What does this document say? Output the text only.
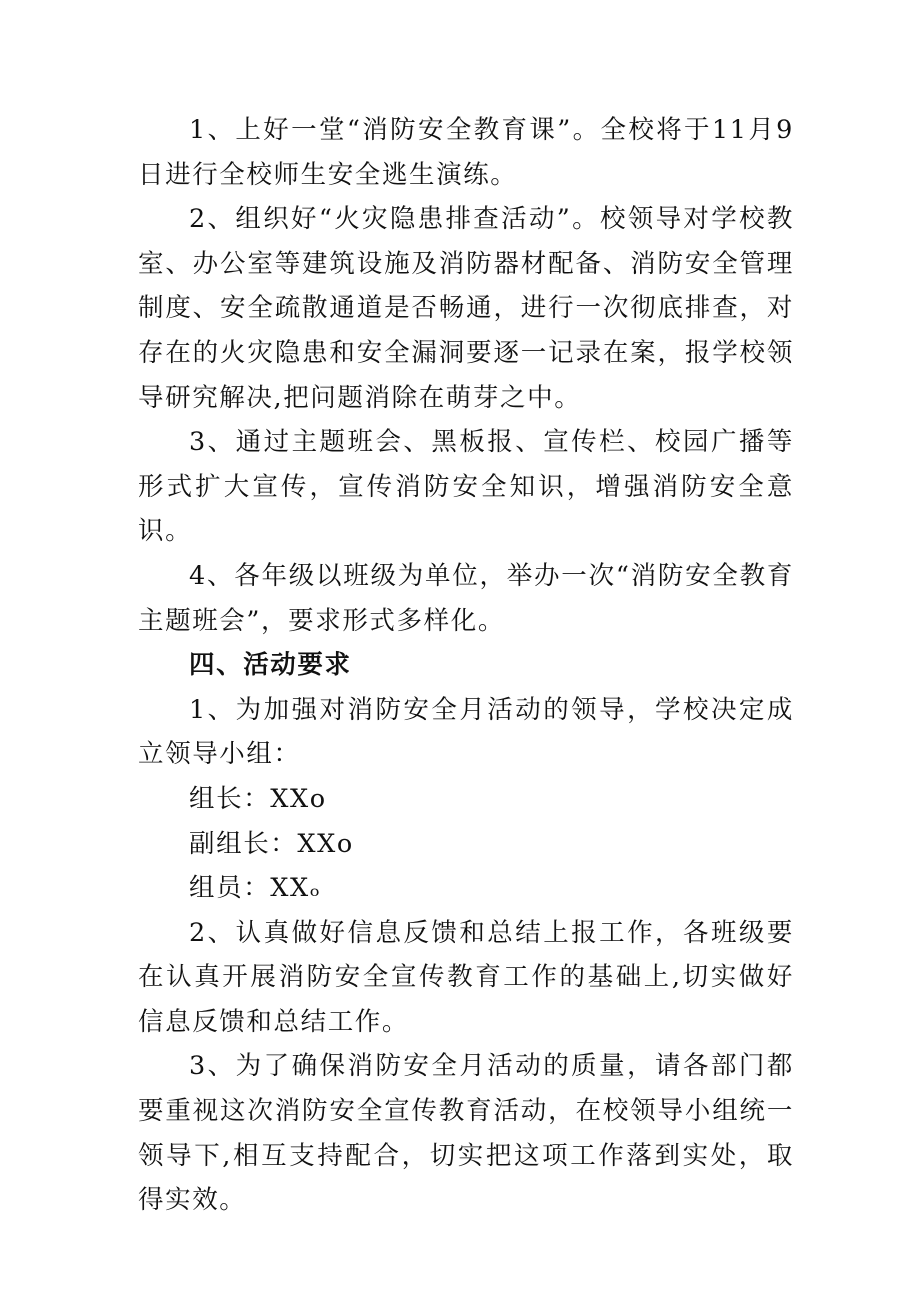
1、上好一堂“消防安全教育课”。全校将于11月9日进行全校师生安全逃生演练。

2、组织好“火灾隐患排查活动”。校领导对学校教室、办公室等建筑设施及消防器材配备、消防安全管理制度、安全疏散通道是否畅通，进行一次彻底排查，对存在的火灾隐患和安全漏洞要逐一记录在案，报学校领导研究解决,把问题消除在萌芽之中。

3、通过主题班会、黑板报、宣传栏、校园广播等形式扩大宣传，宣传消防安全知识，增强消防安全意识。

4、各年级以班级为单位，举办一次“消防安全教育主题班会”，要求形式多样化。

四、活动要求

1、为加强对消防安全月活动的领导，学校决定成立领导小组：

组长：XXo

副组长：XXo

组员：XXₒ

2、认真做好信息反馈和总结上报工作，各班级要在认真开展消防安全宣传教育工作的基础上,切实做好信息反馈和总结工作。

3、为了确保消防安全月活动的质量，请各部门都要重视这次消防安全宣传教育活动，在校领导小组统一领导下,相互支持配合，切实把这项工作落到实处，取得实效。
